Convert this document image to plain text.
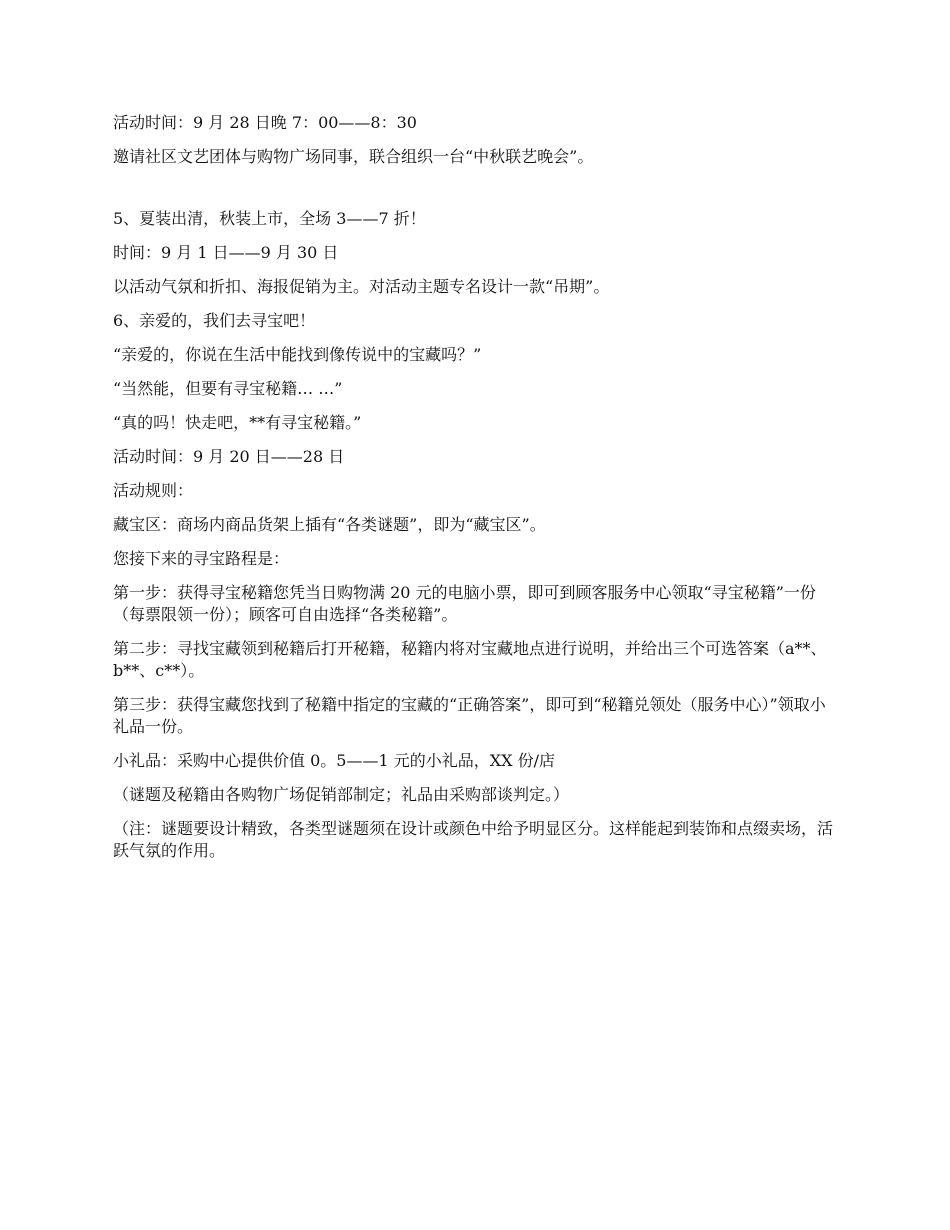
活动时间：9 月 28 日晚 7：00——8：30

邀请社区文艺团体与购物广场同事，联合组织一台“中秋联艺晚会”。

5、夏装出清，秋装上市，全场 3——7 折！

时间：9 月 1 日——9 月 30 日

以活动气氛和折扣、海报促销为主。对活动主题专名设计一款“吊期”。

6、亲爱的，我们去寻宝吧！

“亲爱的，你说在生活中能找到像传说中的宝藏吗？”

“当然能，但要有寻宝秘籍… …”

“真的吗！快走吧，**有寻宝秘籍。”

活动时间：9 月 20 日——28 日

活动规则：

藏宝区：商场内商品货架上插有“各类谜题”，即为“藏宝区”。

您接下来的寻宝路程是：

第一步：获得寻宝秘籍您凭当日购物满 20 元的电脑小票，即可到顾客服务中心领取“寻宝秘籍”一份（每票限领一份）；顾客可自由选择“各类秘籍”。

第二步：寻找宝藏领到秘籍后打开秘籍，秘籍内将对宝藏地点进行说明，并给出三个可选答案（a**、 b**、c**）。

第三步：获得宝藏您找到了秘籍中指定的宝藏的“正确答案”，即可到“秘籍兑领处（服务中心）”领取小礼品一份。

小礼品：采购中心提供价值 0。5——1 元的小礼品，XX 份/店

（谜题及秘籍由各购物广场促销部制定；礼品由采购部谈判定。）

（注：谜题要设计精致，各类型谜题须在设计或颜色中给予明显区分。这样能起到装饰和点缀卖场，活跃气氛的作用。
